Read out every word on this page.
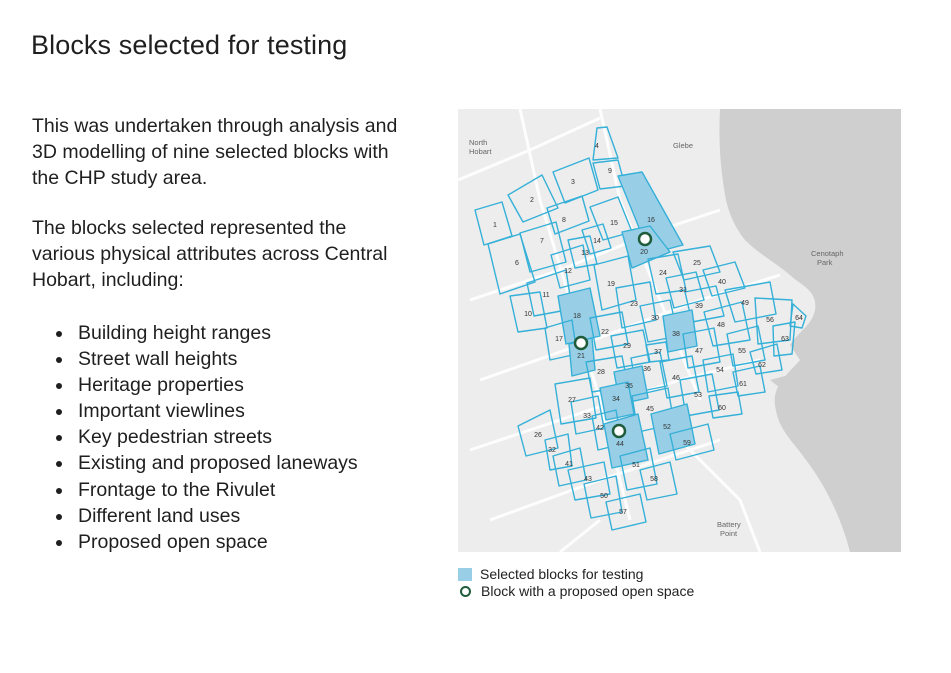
Blocks selected for testing

This was undertaken through analysis and 3D modelling of nine selected blocks with the CHP study area.

The blocks selected represented the various physical attributes across Central Hobart, including:

Building height ranges
Street wall heights
Heritage properties
Important viewlines
Key pedestrian streets
Existing and proposed laneways
Frontage to the Rivulet
Different land uses
Proposed open space
4
9
3
2
1
8	15	16
7	14
13	20
6
12
25
19
24
11
31
40
49
56	64
10
23
18	30
39
48
63
22	38
17
29
21
37	47	55
62
36
28
46
54
61
35
27	34
53
60
45
33
42	52
26
44	59
32
41	51
43	58
50
57
North
Hobart
Glebe
Cenotaph
Park
Battery
Point
Selected blocks for testing
Block with a proposed open space
